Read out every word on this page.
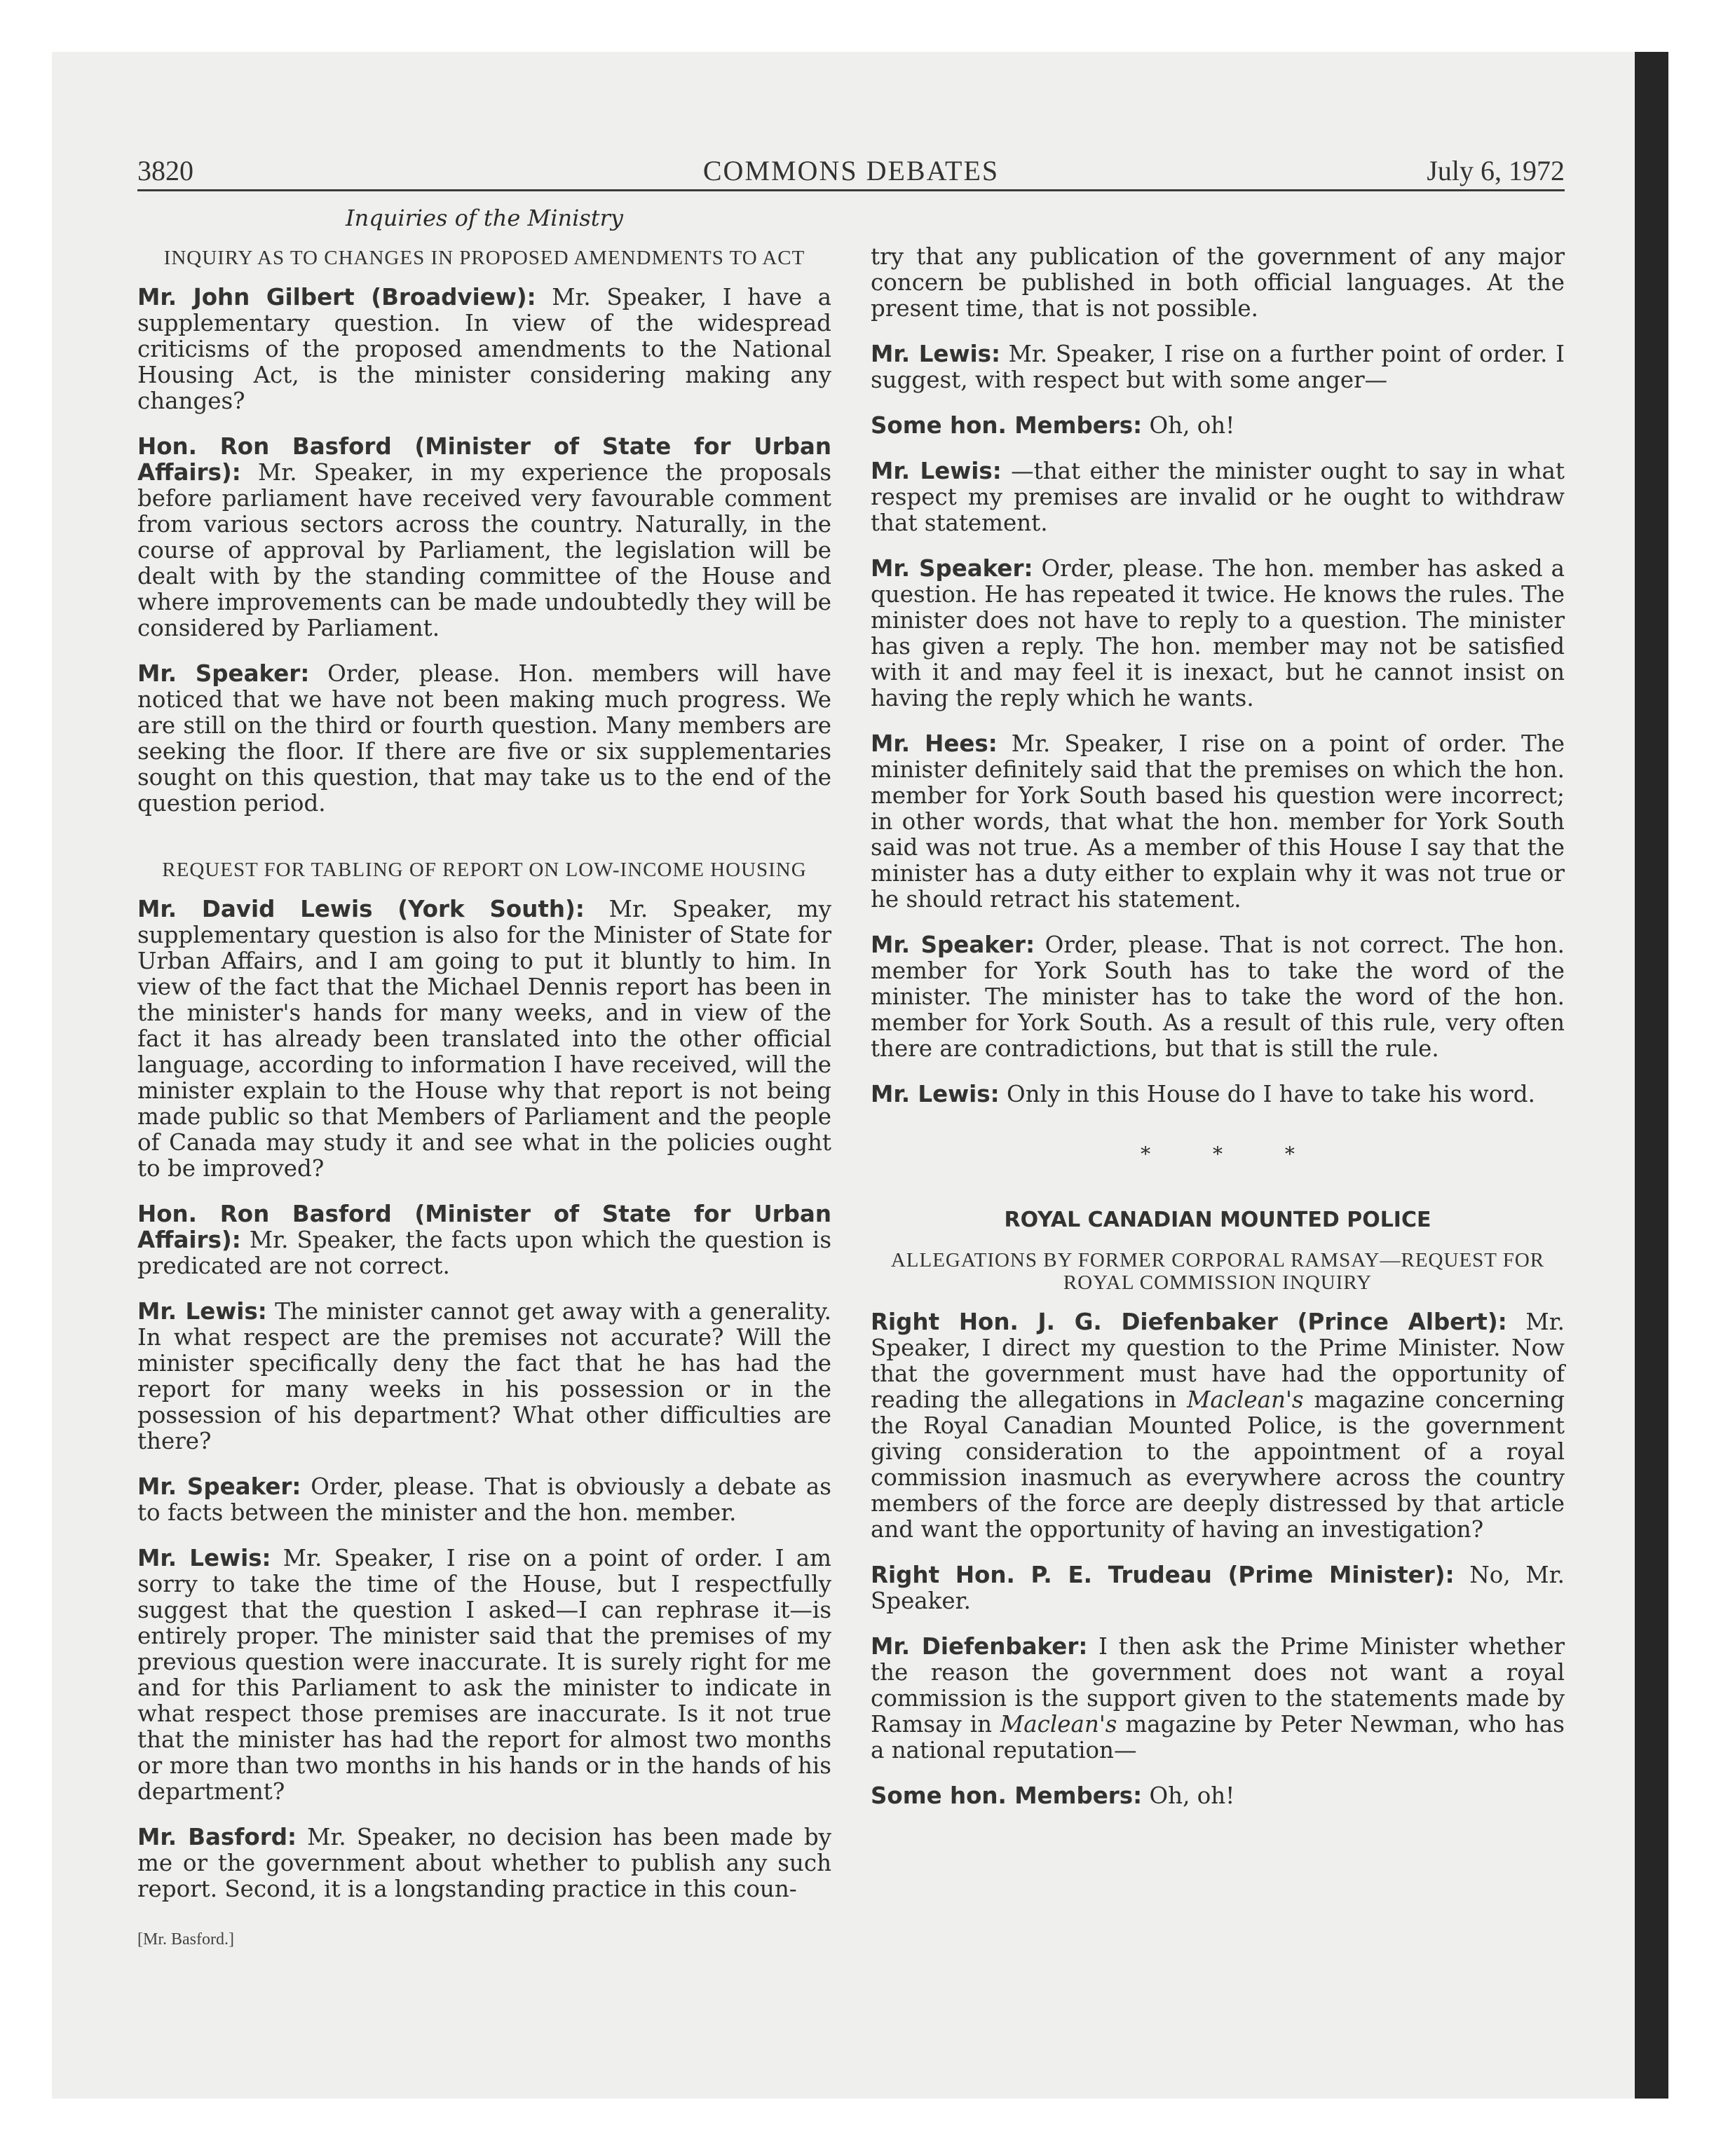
3820	COMMONS DEBATES	July 6, 1972

Inquiries of the Ministry

INQUIRY AS TO CHANGES IN PROPOSED AMENDMENTS TO ACT

Mr. John Gilbert (Broadview): Mr. Speaker, I have a supplementary question. In view of the widespread criticisms of the proposed amendments to the National Housing Act, is the minister considering making any changes?

Hon. Ron Basford (Minister of State for Urban Affairs): Mr. Speaker, in my experience the proposals before parliament have received very favourable comment from various sectors across the country. Naturally, in the course of approval by Parliament, the legislation will be dealt with by the standing committee of the House and where improvements can be made undoubtedly they will be considered by Parliament.

Mr. Speaker: Order, please. Hon. members will have noticed that we have not been making much progress. We are still on the third or fourth question. Many members are seeking the floor. If there are five or six supplementaries sought on this question, that may take us to the end of the question period.

REQUEST FOR TABLING OF REPORT ON LOW-INCOME HOUSING

Mr. David Lewis (York South): Mr. Speaker, my supplementary question is also for the Minister of State for Urban Affairs, and I am going to put it bluntly to him. In view of the fact that the Michael Dennis report has been in the minister's hands for many weeks, and in view of the fact it has already been translated into the other official language, according to information I have received, will the minister explain to the House why that report is not being made public so that Members of Parliament and the people of Canada may study it and see what in the policies ought to be improved?

Hon. Ron Basford (Minister of State for Urban Affairs): Mr. Speaker, the facts upon which the question is predicated are not correct.

Mr. Lewis: The minister cannot get away with a generality. In what respect are the premises not accurate? Will the minister specifically deny the fact that he has had the report for many weeks in his possession or in the possession of his department? What other difficulties are there?

Mr. Speaker: Order, please. That is obviously a debate as to facts between the minister and the hon. member.

Mr. Lewis: Mr. Speaker, I rise on a point of order. I am sorry to take the time of the House, but I respectfully suggest that the question I asked—I can rephrase it—is entirely proper. The minister said that the premises of my previous question were inaccurate. It is surely right for me and for this Parliament to ask the minister to indicate in what respect those premises are inaccurate. Is it not true that the minister has had the report for almost two months or more than two months in his hands or in the hands of his department?

Mr. Basford: Mr. Speaker, no decision has been made by me or the government about whether to publish any such report. Second, it is a longstanding practice in this coun-

[Mr. Basford.]

try that any publication of the government of any major concern be published in both official languages. At the present time, that is not possible.

Mr. Lewis: Mr. Speaker, I rise on a further point of order. I suggest, with respect but with some anger—

Some hon. Members: Oh, oh!

Mr. Lewis: —that either the minister ought to say in what respect my premises are invalid or he ought to withdraw that statement.

Mr. Speaker: Order, please. The hon. member has asked a question. He has repeated it twice. He knows the rules. The minister does not have to reply to a question. The minister has given a reply. The hon. member may not be satisfied with it and may feel it is inexact, but he cannot insist on having the reply which he wants.

Mr. Hees: Mr. Speaker, I rise on a point of order. The minister definitely said that the premises on which the hon. member for York South based his question were incorrect; in other words, that what the hon. member for York South said was not true. As a member of this House I say that the minister has a duty either to explain why it was not true or he should retract his statement.

Mr. Speaker: Order, please. That is not correct. The hon. member for York South has to take the word of the minister. The minister has to take the word of the hon. member for York South. As a result of this rule, very often there are contradictions, but that is still the rule.

Mr. Lewis: Only in this House do I have to take his word.

* * *

ROYAL CANADIAN MOUNTED POLICE

ALLEGATIONS BY FORMER CORPORAL RAMSAY—REQUEST FOR ROYAL COMMISSION INQUIRY

Right Hon. J. G. Diefenbaker (Prince Albert): Mr. Speaker, I direct my question to the Prime Minister. Now that the government must have had the opportunity of reading the allegations in Maclean's magazine concerning the Royal Canadian Mounted Police, is the government giving consideration to the appointment of a royal commission inasmuch as everywhere across the country members of the force are deeply distressed by that article and want the opportunity of having an investigation?

Right Hon. P. E. Trudeau (Prime Minister): No, Mr. Speaker.

Mr. Diefenbaker: I then ask the Prime Minister whether the reason the government does not want a royal commission is the support given to the statements made by Ramsay in Maclean's magazine by Peter Newman, who has a national reputation—

Some hon. Members: Oh, oh!
